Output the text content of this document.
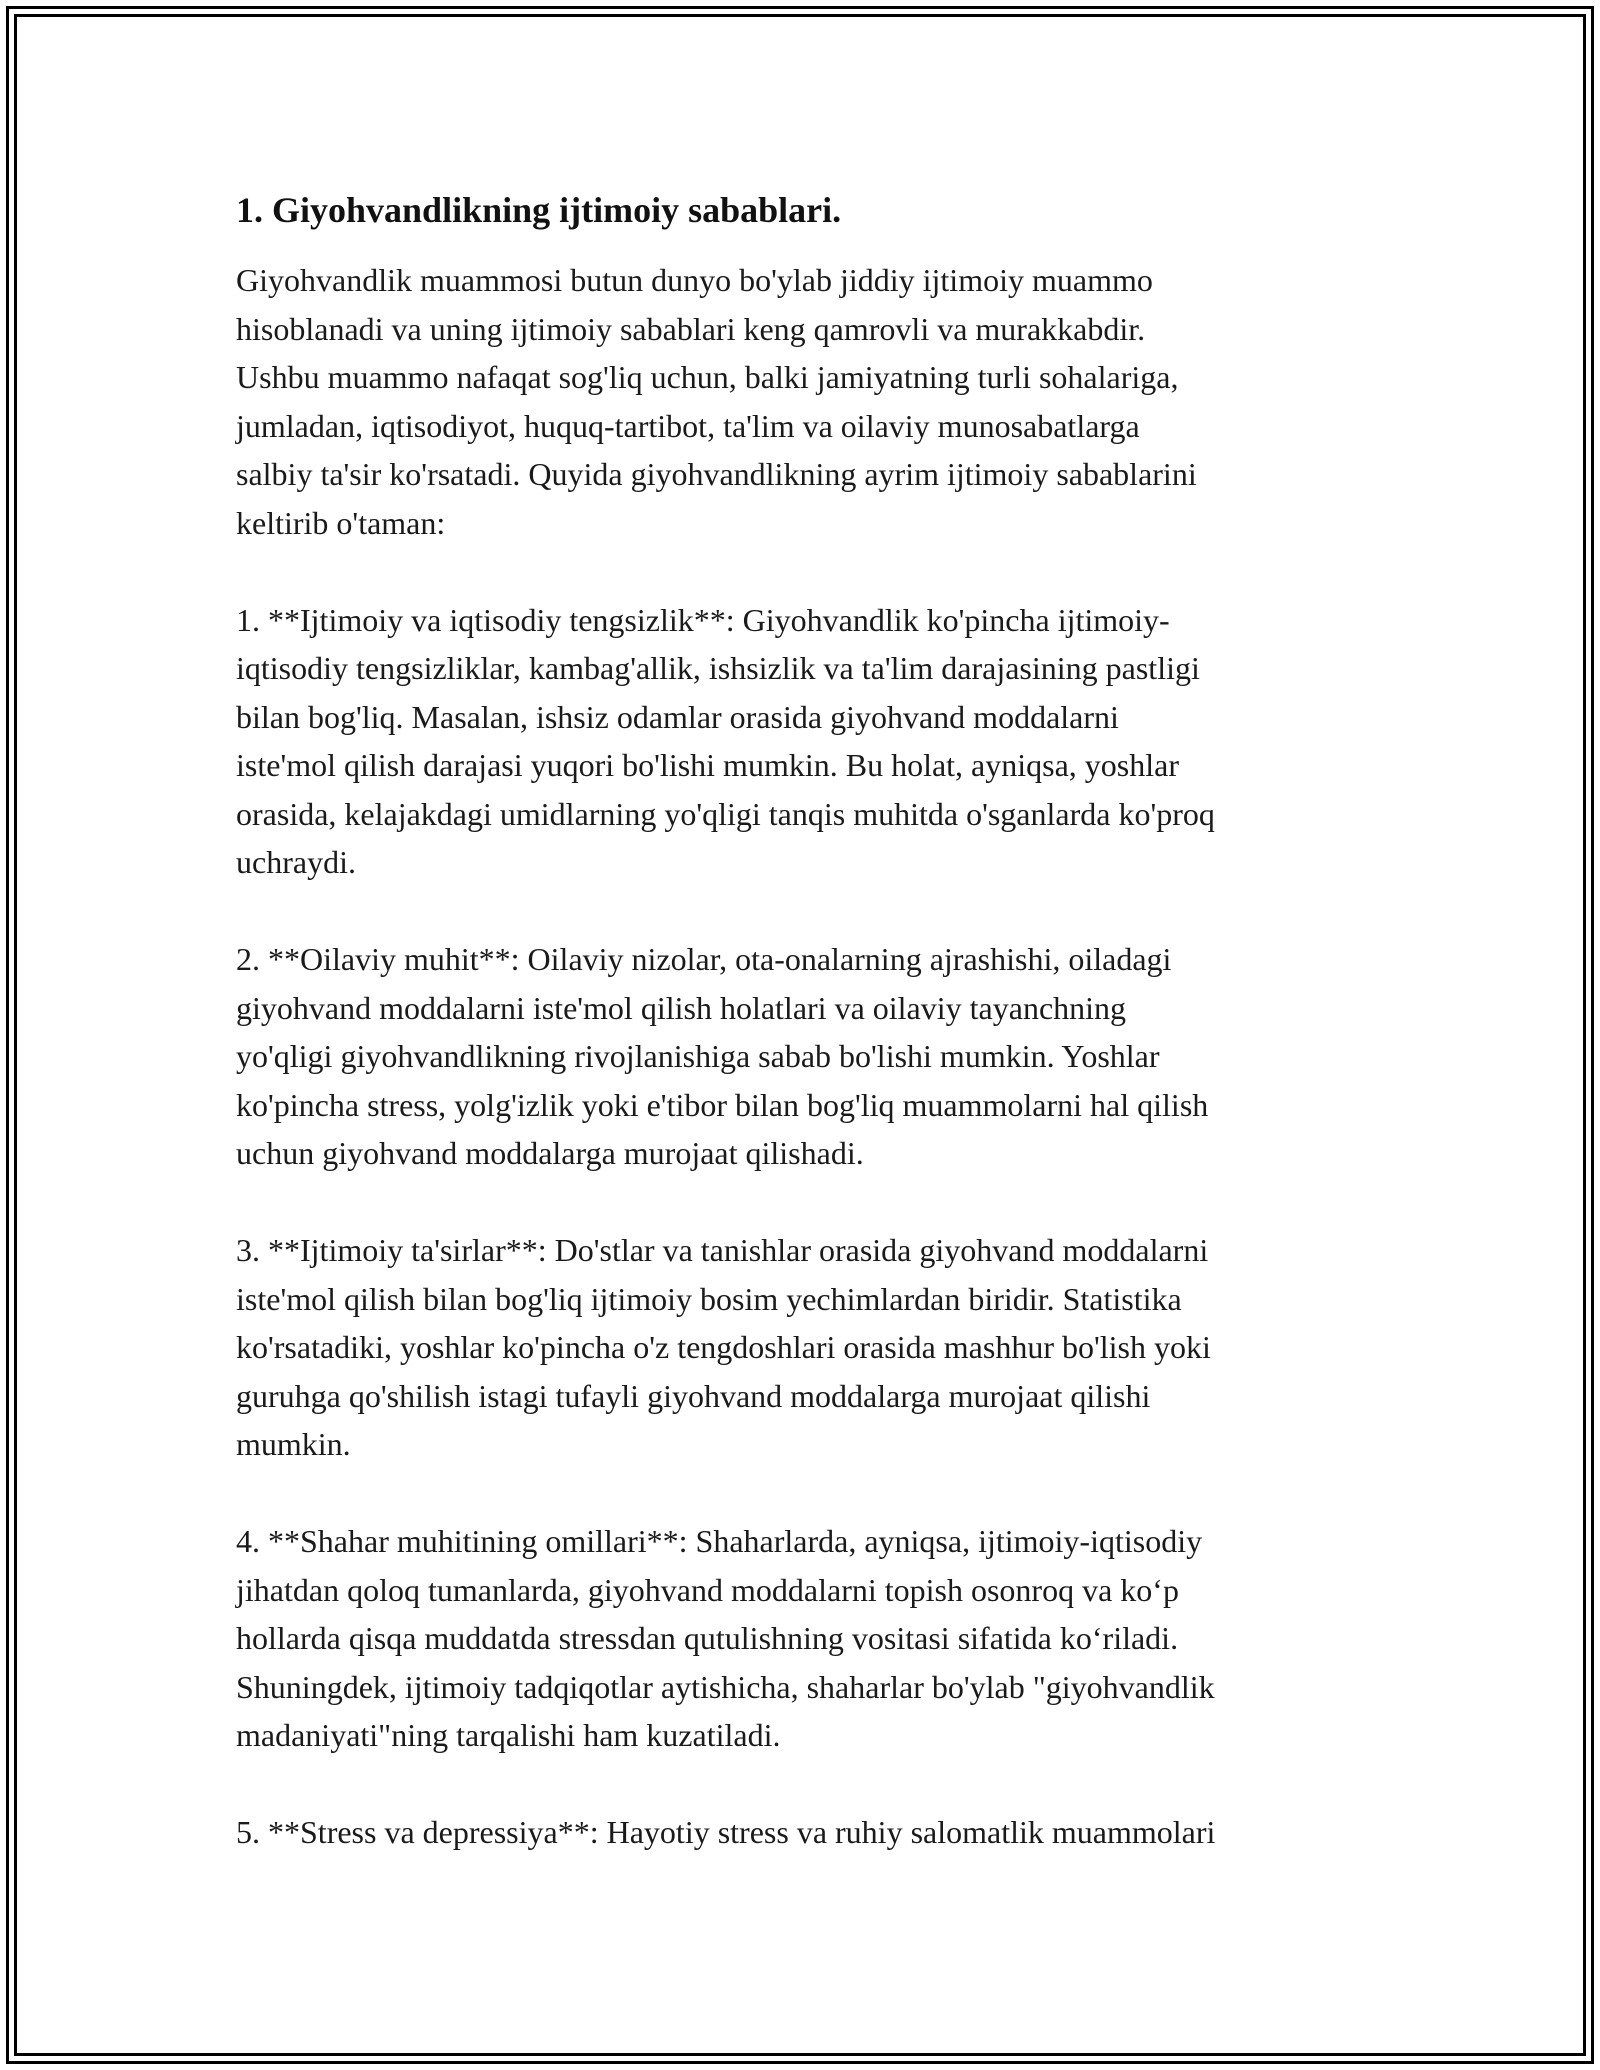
1. Giyohvandlikning ijtimoiy sabablari.

Giyohvandlik muammosi butun dunyo bo'ylab jiddiy ijtimoiy muammo
hisoblanadi va uning ijtimoiy sabablari keng qamrovli va murakkabdir.
Ushbu muammo nafaqat sog'liq uchun, balki jamiyatning turli sohalariga,
jumladan, iqtisodiyot, huquq-tartibot, ta'lim va oilaviy munosabatlarga
salbiy ta'sir ko'rsatadi. Quyida giyohvandlikning ayrim ijtimoiy sabablarini
keltirib o'taman:

1. **Ijtimoiy va iqtisodiy tengsizlik**: Giyohvandlik ko'pincha ijtimoiy-
iqtisodiy tengsizliklar, kambag'allik, ishsizlik va ta'lim darajasining pastligi
bilan bog'liq. Masalan, ishsiz odamlar orasida giyohvand moddalarni
iste'mol qilish darajasi yuqori bo'lishi mumkin. Bu holat, ayniqsa, yoshlar
orasida, kelajakdagi umidlarning yo'qligi tanqis muhitda o'sganlarda ko'proq
uchraydi.

2. **Oilaviy muhit**: Oilaviy nizolar, ota-onalarning ajrashishi, oiladagi
giyohvand moddalarni iste'mol qilish holatlari va oilaviy tayanchning
yo'qligi giyohvandlikning rivojlanishiga sabab bo'lishi mumkin. Yoshlar
ko'pincha stress, yolg'izlik yoki e'tibor bilan bog'liq muammolarni hal qilish
uchun giyohvand moddalarga murojaat qilishadi.

3. **Ijtimoiy ta'sirlar**: Do'stlar va tanishlar orasida giyohvand moddalarni
iste'mol qilish bilan bog'liq ijtimoiy bosim yechimlardan biridir. Statistika
ko'rsatadiki, yoshlar ko'pincha o'z tengdoshlari orasida mashhur bo'lish yoki
guruhga qo'shilish istagi tufayli giyohvand moddalarga murojaat qilishi
mumkin.

4. **Shahar muhitining omillari**: Shaharlarda, ayniqsa, ijtimoiy-iqtisodiy
jihatdan qoloq tumanlarda, giyohvand moddalarni topish osonroq va ko‘p
hollarda qisqa muddatda stressdan qutulishning vositasi sifatida ko‘riladi.
Shuningdek, ijtimoiy tadqiqotlar aytishicha, shaharlar bo'ylab "giyohvandlik
madaniyati"ning tarqalishi ham kuzatiladi.

5. **Stress va depressiya**: Hayotiy stress va ruhiy salomatlik muammolari
